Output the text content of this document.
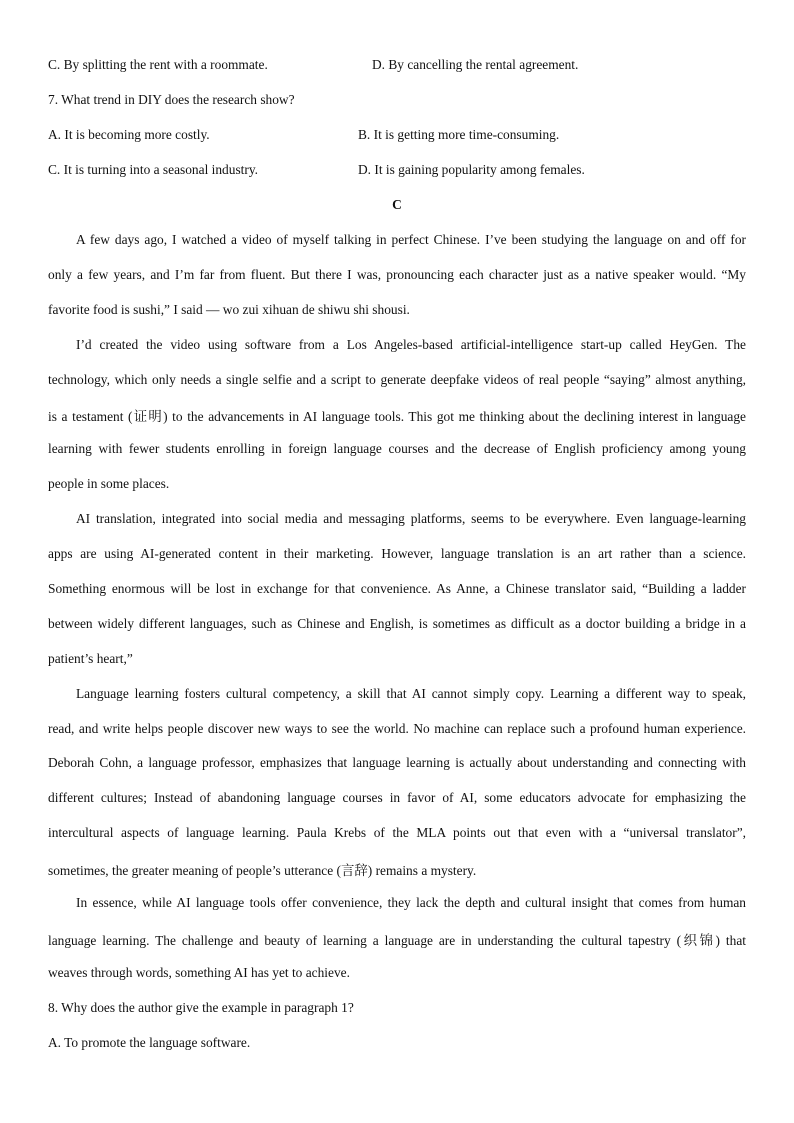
C. By splitting the rent with a roommate.	D. By cancelling the rental agreement.
7. What trend in DIY does the research show?
A. It is becoming more costly.	B. It is getting more time-consuming.
C. It is turning into a seasonal industry.	D. It is gaining popularity among females.
C
A few days ago, I watched a video of myself talking in perfect Chinese. I’ve been studying the language on and off for
only a few years, and I’m far from fluent. But there I was, pronouncing each character just as a native speaker would. “My
favorite food is sushi,” I said — wo zui xihuan de shiwu shi shousi.
I’d created the video using software from a Los Angeles-based artificial-intelligence start-up called HeyGen. The
technology, which only needs a single selfie and a script to generate deepfake videos of real people “saying” almost anything,
is a testament (证明) to the advancements in AI language tools. This got me thinking about the declining interest in language
learning with fewer students enrolling in foreign language courses and the decrease of English proficiency among young
people in some places.
AI translation, integrated into social media and messaging platforms, seems to be everywhere. Even language-learning
apps are using AI-generated content in their marketing. However, language translation is an art rather than a science.
Something enormous will be lost in exchange for that convenience. As Anne, a Chinese translator said, “Building a ladder
between widely different languages, such as Chinese and English, is sometimes as difficult as a doctor building a bridge in a
patient’s heart,”
Language learning fosters cultural competency, a skill that AI cannot simply copy. Learning a different way to speak,
read, and write helps people discover new ways to see the world. No machine can replace such a profound human experience.
Deborah Cohn, a language professor, emphasizes that language learning is actually about understanding and connecting with
different cultures; Instead of abandoning language courses in favor of AI, some educators advocate for emphasizing the
intercultural aspects of language learning. Paula Krebs of the MLA points out that even with a “universal translator”,
sometimes, the greater meaning of people’s utterance (言辞) remains a mystery.
In essence, while AI language tools offer convenience, they lack the depth and cultural insight that comes from human
language learning. The challenge and beauty of learning a language are in understanding the cultural tapestry (织锦) that
weaves through words, something AI has yet to achieve.
8. Why does the author give the example in paragraph 1?
A. To promote the language software.
